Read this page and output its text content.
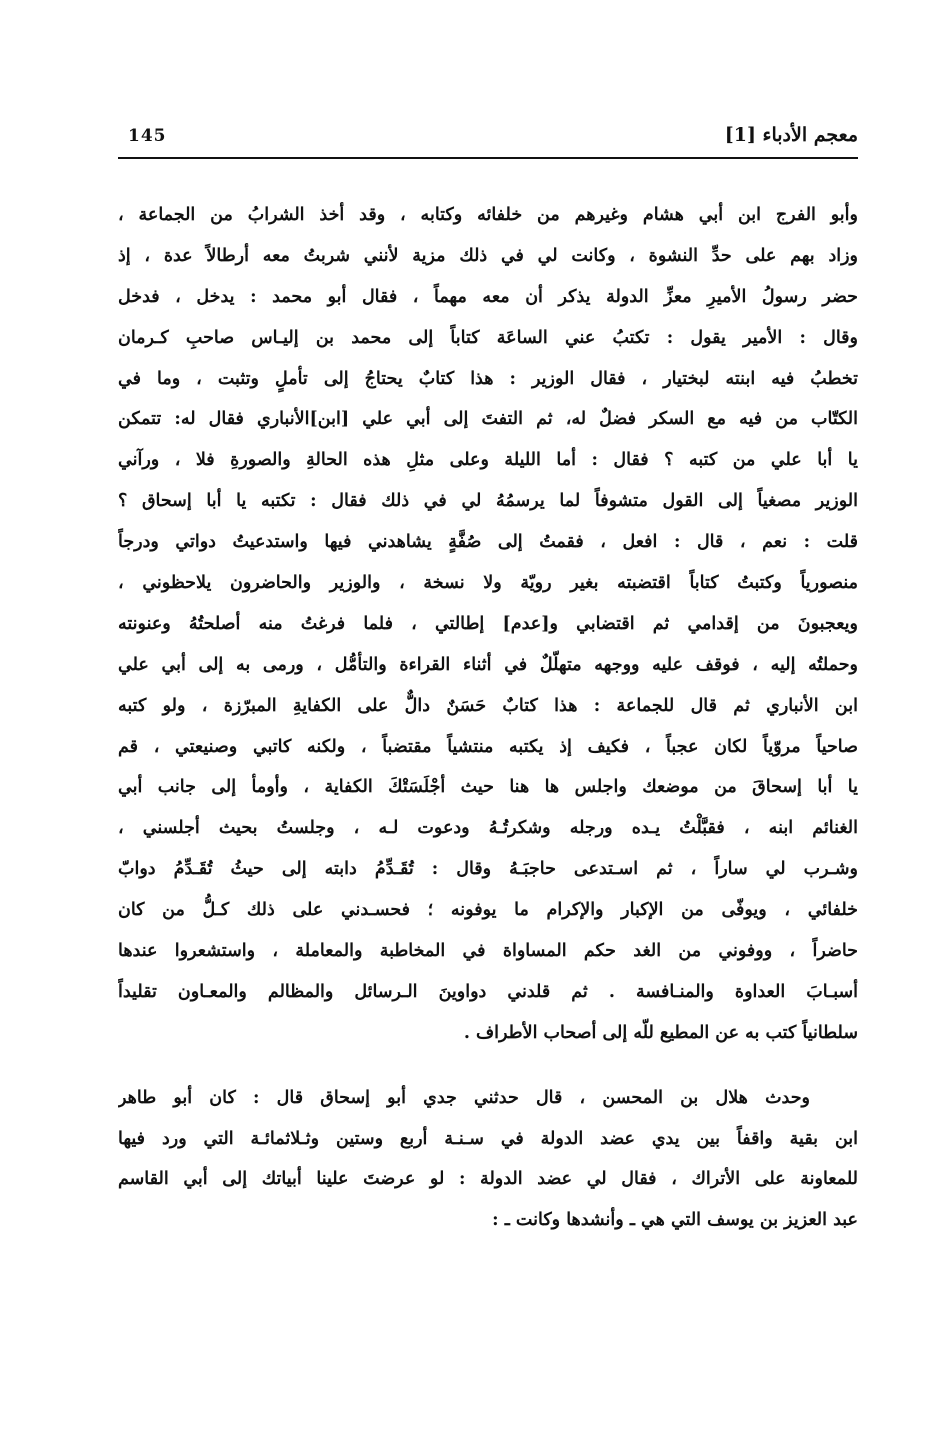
معجم الأدباء [1]
145

وأبو الفرج ابن أبي هشام وغيرهم من خلفائه وكتابه ، وقد أخذ الشرابُ من الجماعة ،
وزاد بهم على حدِّ النشوة ، وكانت لي في ذلك مزية لأنني شربتُ معه أرطالاً عدة ، إذ
حضر رسولُ الأميرِ معزِّ الدولة يذكر أن معه مهماً ، فقال أبو محمد : يدخل ، فدخل
وقال : الأمير يقول : تكتبُ عني الساعَة كتاباً إلى محمد بن إليـاس صاحبِ كـرمان
تخطبُ فيه ابنته لبختيار ، فقال الوزير : هذا كتابٌ يحتاجُ إلى تأملٍ وتثبت ، وما في
الكتّاب من فيه مع السكر فضلٌ له، ثم التفتَ إلى أبي علي [ابن]الأنباري فقال له: تتمكن
يا أبا علي من كتبه ؟ فقال : أما الليلة وعلى مثلِ هذه الحالةِ والصورةِ فلا ، ورآني
الوزير مصغياً إلى القول متشوفاً لما يرسمُهُ لي في ذلك فقال : تكتبه يا أبا إسحاق ؟
قلت : نعم ، قال : افعل ، فقمتُ إلى صُفَّةٍ يشاهدني فيها واستدعيتُ دواتي ودرجاً
منصورياً وكتبتُ كتاباً اقتضبته بغير رويّة ولا نسخة ، والوزير والحاضرون يلاحظوني ،
ويعجبونَ من إقدامي ثم اقتضابي و[عدم] إطالتي ، فلما فرغتُ منه أصلحتُهُ وعنونته
وحملتُه إليه ، فوقف عليه ووجهه متهلّلٌ في أثناء القراءة والتأمُّل ، ورمى به إلى أبي علي
ابن الأنباري ثم قال للجماعة : هذا كتابٌ حَسَنٌ دالٌّ على الكفايةِ المبرّزة ، ولو كتبه
صاحياً مروّياً لكان عجباً ، فكيف إذ يكتبه منتشياً مقتضباً ، ولكنه كاتبي وصنيعتي ، قم
يا أبا إسحاقَ من موضعك واجلس ها هنا حيث أجْلَسَتْكَ الكفاية ، وأومأ إلى جانب أبي
الغنائم ابنه ، فقبَّلْتُ يـده ورجله وشكرتُـهُ ودعوت لـه ، وجلستُ بحيث أجلسني ،
وشـرب لي ساراً ، ثم اسـتدعى حاجبَـهُ وقال : تُقَـدِّمُ دابته إلى حيثُ تُقَـدِّمُ دوابّ
خلفائي ، ويوفّى من الإكبار والإكرام ما يوفونه ؛ فحسـدني على ذلك كـلُّ من كان
حاضراً ، ووفوني من الغد حكم المساواة في المخاطبة والمعاملة ، واستشعروا عندها
أسبـابَ العداوة والمنـافسة . ثم قلدني دواوينَ الـرسائل والمظالم والمعـاون تقليداً
سلطانياً كتب به عن المطيع للّه إلى أصحاب الأطراف .

وحدث هلال بن المحسن ، قال حدثني جدي أبو إسحاق قال : كان أبو طاهر
ابن بقية واقفاً بين يدي عضد الدولة في سـنـة أربع وستين وثـلاثمائـة التي ورد فيها
للمعاونة على الأتراك ، فقال لي عضد الدولة : لو عرضتَ علينا أبياتك إلى أبي القاسم
عبد العزيز بن يوسف التي هي ـ وأنشدها وكانت ـ :
